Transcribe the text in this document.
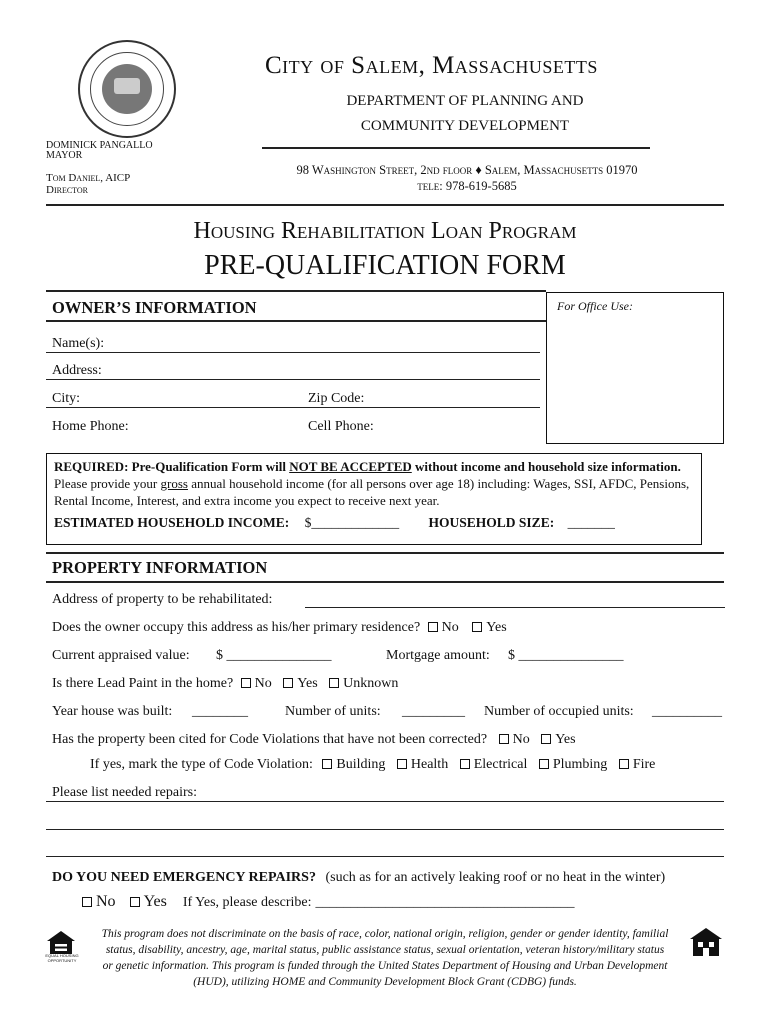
City of Salem, Massachusetts
DEPARTMENT OF PLANNING AND
COMMUNITY DEVELOPMENT
DOMINICK PANGALLO
MAYOR
Tom Daniel, AICP
Director
98 Washington Street, 2nd floor ♦ Salem, Massachusetts 01970
tele: 978-619-5685
Housing Rehabilitation Loan Program
PRE-QUALIFICATION FORM
OWNER’S INFORMATION	For Office Use:
Name(s):
Address:
City:	Zip Code:
Home Phone:	Cell Phone:
REQUIRED: Pre-Qualification Form will NOT BE ACCEPTED without income and household size information. Please provide your gross annual household income (for all persons over age 18) including: Wages, SSI, AFDC, Pensions, Rental Income, Interest, and extra income you expect to receive next year.
ESTIMATED HOUSEHOLD INCOME: $_____________ HOUSEHOLD SIZE: _______
PROPERTY INFORMATION
Address of property to be rehabilitated:
Does the owner occupy this address as his/her primary residence? No Yes
Current appraised value: $ _______________	Mortgage amount: $ _______________
Is there Lead Paint in the home? No Yes Unknown
Year house was built: ________	Number of units: _________ Number of occupied units: __________
Has the property been cited for Code Violations that have not been corrected? No Yes
If yes, mark the type of Code Violation: Building Health Electrical Plumbing Fire
Please list needed repairs:
DO YOU NEED EMERGENCY REPAIRS? (such as for an actively leaking roof or no heat in the winter)
No Yes If Yes, please describe: _____________________________________
EQUAL HOUSING OPPORTUNITY
This program does not discriminate on the basis of race, color, national origin, religion, gender or gender identity, familial status, disability, ancestry, age, marital status, public assistance status, sexual orientation, veteran history/military status or genetic information. This program is funded through the United States Department of Housing and Urban Development (HUD), utilizing HOME and Community Development Block Grant (CDBG) funds.
